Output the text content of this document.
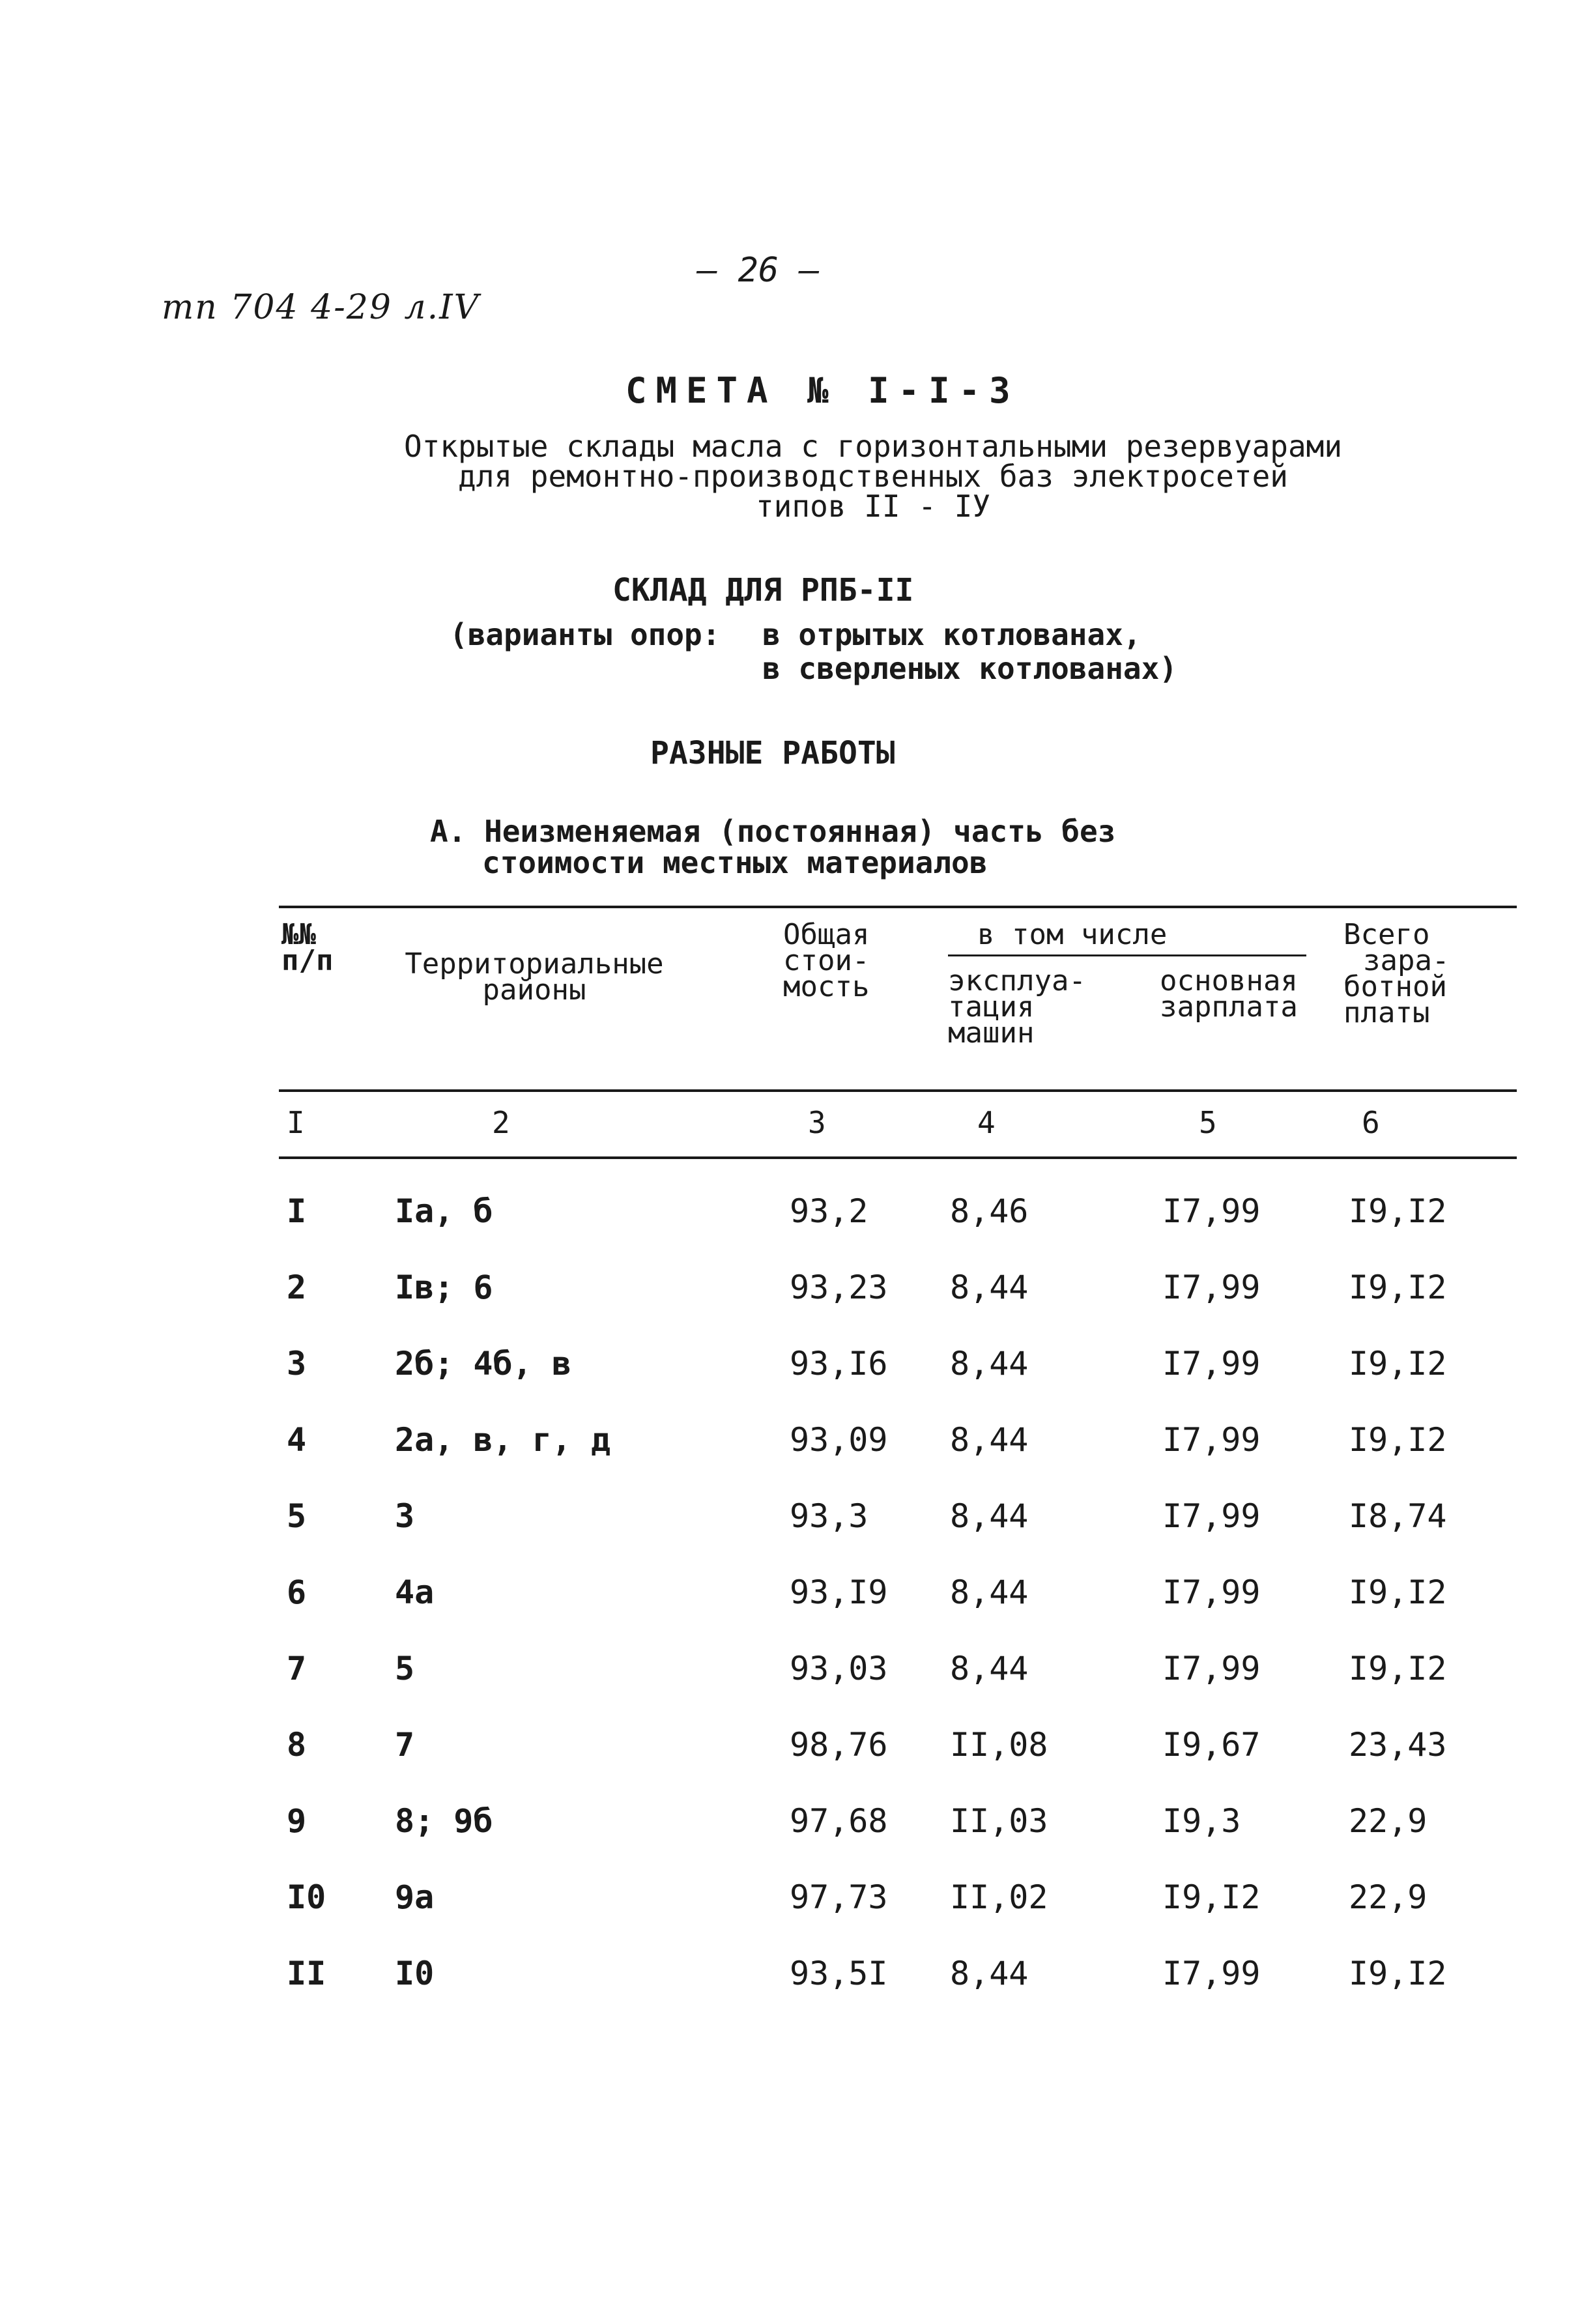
— 26 —
тп 704 4-29 л.IV
СМЕТА № I-I-3
Открытые склады масла с горизонтальными резервуарами
для ремонтно-производственных баз электросетей
типов II - IУ
СКЛАД ДЛЯ РПБ-II
(варианты опор: в отрытых котлованах,
в сверленых котлованах)
РАЗНЫЕ РАБОТЫ
А. Неизменяемая (постоянная) часть без
стоимости местных материалов
№№
п/п	Территориальные
районы
Общая
стои-
мость
в том числе
эксплуа-
тация
машин
основная
зарплата
Всего
зара-
ботной
платы
I	2	3	4	5	6
I	Iа, б	93,2	8,46	I7,99	I9,I2
2	Iв; 6	93,23 8,44	I7,99	I9,I2
3	2б; 4б, в	93,I6 8,44	I7,99	I9,I2
4	2а, в, г, д	93,09 8,44	I7,99	I9,I2
5	3	93,3	8,44	I7,99	I8,74
6	4а	93,I9 8,44	I7,99	I9,I2
7	5	93,03 8,44	I7,99	I9,I2
8	7	98,76 II,08	I9,67	23,43
9	8; 9б	97,68 II,03	I9,3	22,9
I0 9а	97,73 II,02	I9,I2	22,9
II I0	93,5I 8,44	I7,99	I9,I2
